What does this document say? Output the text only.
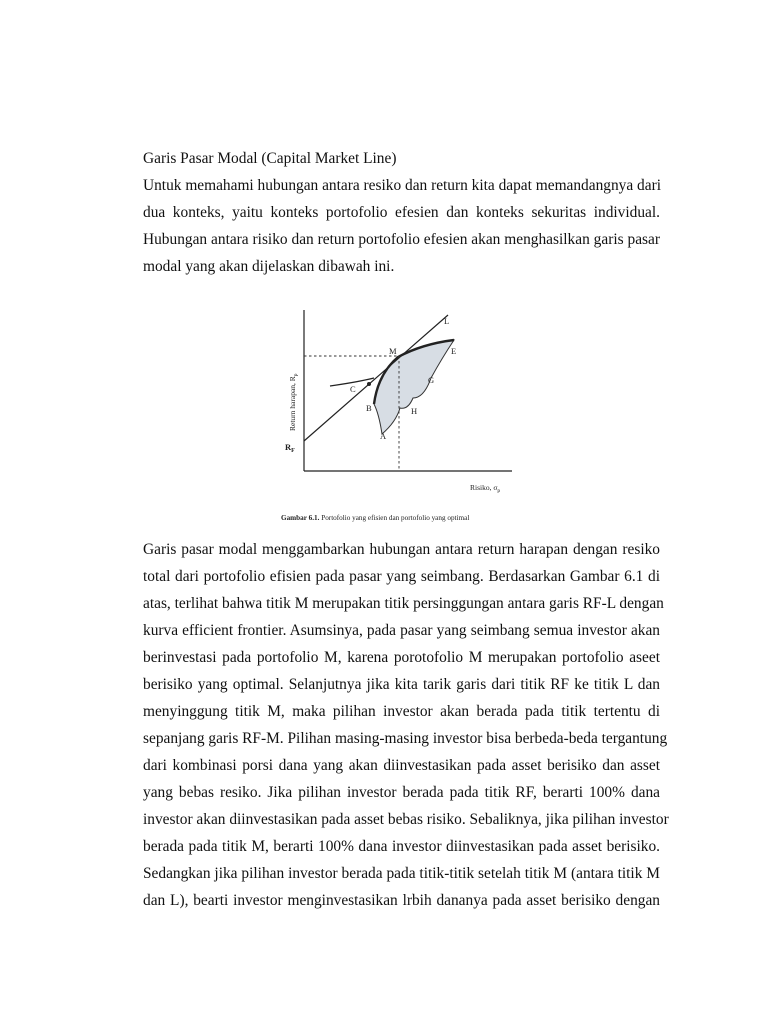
Garis Pasar Modal (Capital Market Line)
Untuk memahami hubungan antara resiko dan return kita dapat memandangnya dari
dua konteks, yaitu konteks portofolio efesien dan konteks sekuritas individual.
Hubungan antara risiko dan return portofolio efesien akan menghasilkan garis pasar
modal yang akan dijelaskan dibawah ini.
Return harapan, $R_p$
Risiko, $\sigma_p$
$R_F$
L
M	E
C
G
B	H
A
Gambar 6.1. Portofolio yang efisien dan portofolio yang optimal
Garis pasar modal menggambarkan hubungan antara return harapan dengan resiko
total dari portofolio efisien pada pasar yang seimbang. Berdasarkan Gambar 6.1 di
atas, terlihat bahwa titik M merupakan titik persinggungan antara garis RF-L dengan
kurva efficient frontier. Asumsinya, pada pasar yang seimbang semua investor akan
berinvestasi pada portofolio M, karena porotofolio M merupakan portofolio aseet
berisiko yang optimal. Selanjutnya jika kita tarik garis dari titik RF ke titik L dan
menyinggung titik M, maka pilihan investor akan berada pada titik tertentu di
sepanjang garis RF-M. Pilihan masing-masing investor bisa berbeda-beda tergantung
dari kombinasi porsi dana yang akan diinvestasikan pada asset berisiko dan asset
yang bebas resiko. Jika pilihan investor berada pada titik RF, berarti 100% dana
investor akan diinvestasikan pada asset bebas risiko. Sebaliknya, jika pilihan investor
berada pada titik M, berarti 100% dana investor diinvestasikan pada asset berisiko.
Sedangkan jika pilihan investor berada pada titik-titik setelah titik M (antara titik M
dan L), bearti investor menginvestasikan lrbih dananya pada asset berisiko dengan
